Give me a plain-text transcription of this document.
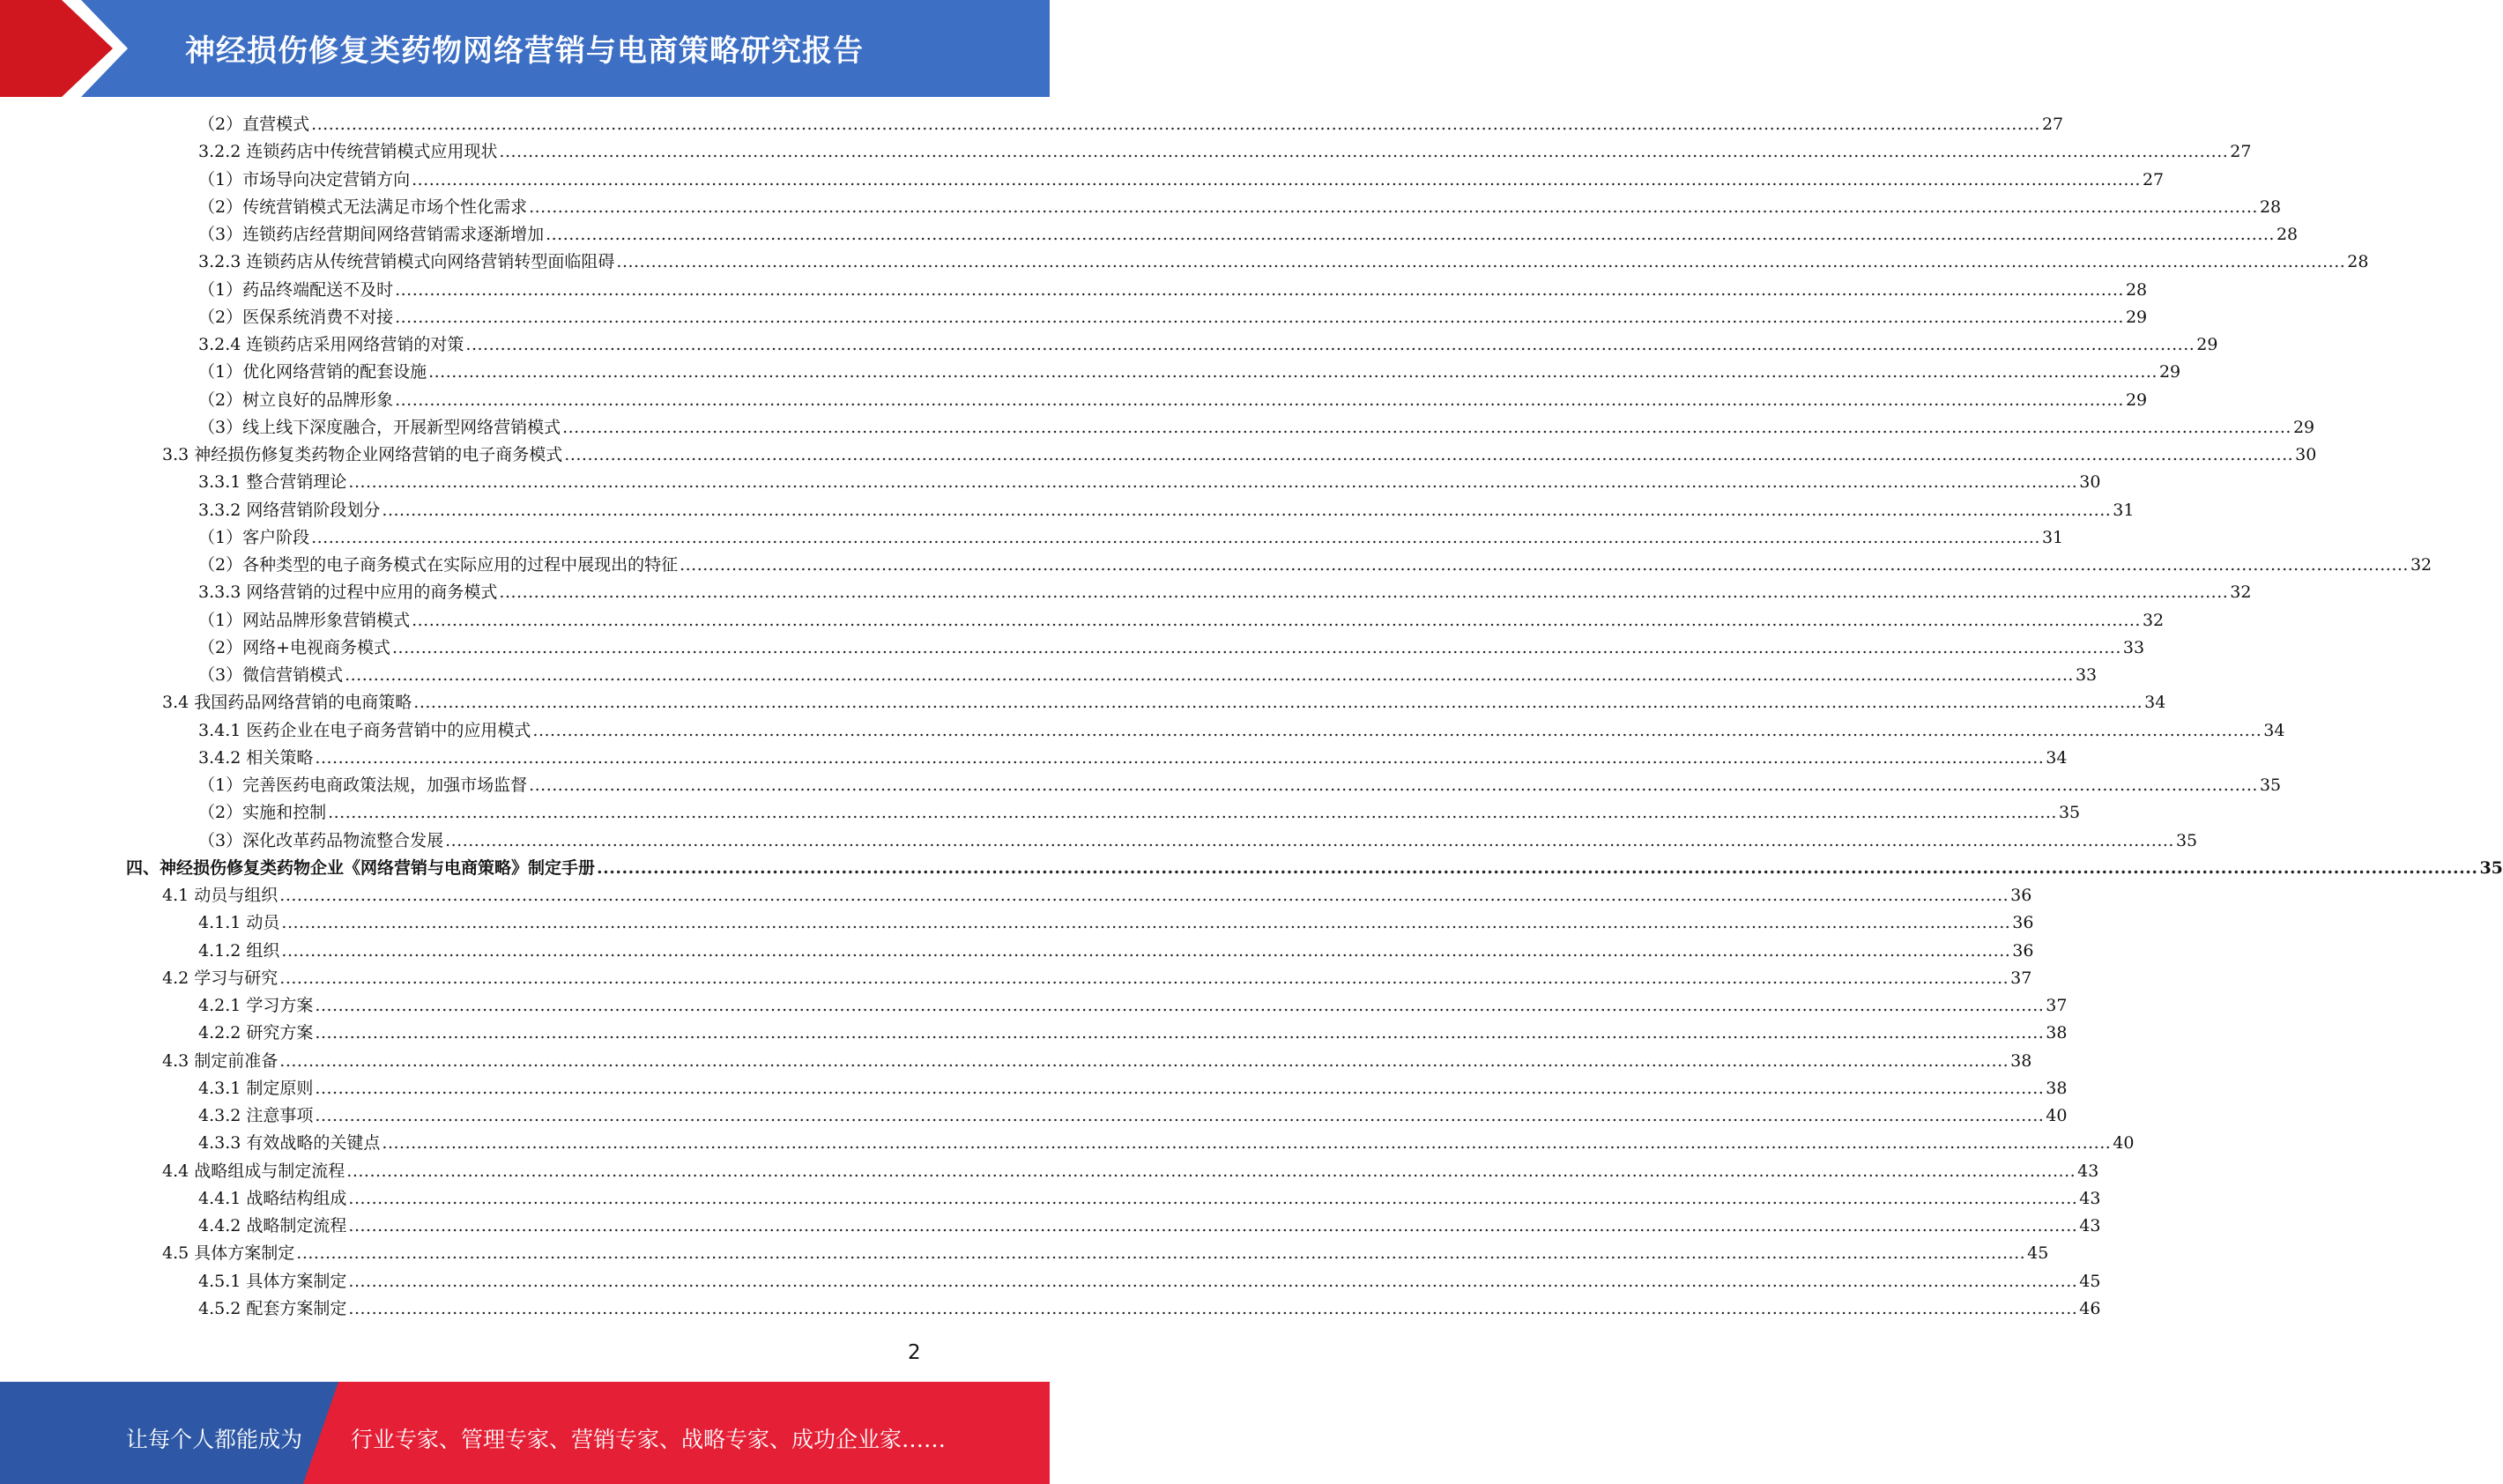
神经损伤修复类药物网络营销与电商策略研究报告
（2）直营模式 ............................................................................................................................................................................................................................................................................................................ 27
3.2.2
连锁药店中传统营销模式应用现状 ............................................................................................................................................................................................................................................................................................................ 27
（1）市场导向决定营销方向 ............................................................................................................................................................................................................................................................................................................ 27
（2）传统营销模式无法满足市场个性化需求 ............................................................................................................................................................................................................................................................................................................ 28
（3）连锁药店经营期间网络营销需求逐渐增加 ............................................................................................................................................................................................................................................................................................................ 28
3.2.3
连锁药店从传统营销模式向网络营销转型面临阻碍 ............................................................................................................................................................................................................................................................................................................ 28
（1）药品终端配送不及时 ............................................................................................................................................................................................................................................................................................................ 28
（2）医保系统消费不对接 ............................................................................................................................................................................................................................................................................................................ 29
3.2.4
连锁药店采用网络营销的对策 ............................................................................................................................................................................................................................................................................................................ 29
（1）优化网络营销的配套设施 ............................................................................................................................................................................................................................................................................................................ 29
（2）树立良好的品牌形象 ............................................................................................................................................................................................................................................................................................................ 29
（3）线上线下深度融合，开展新型网络营销模式 ............................................................................................................................................................................................................................................................................................................ 29
3.3
神经损伤修复类药物企业网络营销的电子商务模式 ............................................................................................................................................................................................................................................................................................................ 30
3.3.1
整合营销理论 ............................................................................................................................................................................................................................................................................................................ 30
3.3.2
网络营销阶段划分 ............................................................................................................................................................................................................................................................................................................ 31
（1）客户阶段 ............................................................................................................................................................................................................................................................................................................ 31
（2）各种类型的电子商务模式在实际应用的过程中展现出的特征 ............................................................................................................................................................................................................................................................................................................ 32
3.3.3
网络营销的过程中应用的商务模式 ............................................................................................................................................................................................................................................................................................................ 32
（1）网站品牌形象营销模式 ............................................................................................................................................................................................................................................................................................................ 32
（2）网络+电视商务模式 ............................................................................................................................................................................................................................................................................................................ 33
（3）微信营销模式 ............................................................................................................................................................................................................................................................................................................ 33
3.4
我国药品网络营销的电商策略 ............................................................................................................................................................................................................................................................................................................ 34
3.4.1
医药企业在电子商务营销中的应用模式 ............................................................................................................................................................................................................................................................................................................ 34
3.4.2
相关策略 ............................................................................................................................................................................................................................................................................................................ 34
（1）完善医药电商政策法规，加强市场监督 ............................................................................................................................................................................................................................................................................................................ 35
（2）实施和控制 ............................................................................................................................................................................................................................................................................................................ 35
（3）深化改革药品物流整合发展 ............................................................................................................................................................................................................................................................................................................ 35
四、神经损伤修复类药物企业《网络营销与电商策略》制定手册 ............................................................................................................................................................................................................................................................................................................ 35
4.1
动员与组织 ............................................................................................................................................................................................................................................................................................................ 36
4.1.1
动员 ............................................................................................................................................................................................................................................................................................................ 36
4.1.2
组织 ............................................................................................................................................................................................................................................................................................................ 36
4.2
学习与研究 ............................................................................................................................................................................................................................................................................................................ 37
4.2.1
学习方案 ............................................................................................................................................................................................................................................................................................................ 37
4.2.2
研究方案 ............................................................................................................................................................................................................................................................................................................ 38
4.3
制定前准备 ............................................................................................................................................................................................................................................................................................................ 38
4.3.1
制定原则 ............................................................................................................................................................................................................................................................................................................ 38
4.3.2
注意事项 ............................................................................................................................................................................................................................................................................................................ 40
4.3.3
有效战略的关键点 ............................................................................................................................................................................................................................................................................................................ 40
4.4
战略组成与制定流程 ............................................................................................................................................................................................................................................................................................................ 43
4.4.1
战略结构组成 ............................................................................................................................................................................................................................................................................................................ 43
4.4.2
战略制定流程 ............................................................................................................................................................................................................................................................................................................ 43
4.5
具体方案制定 ............................................................................................................................................................................................................................................................................................................ 45
4.5.1
具体方案制定 ............................................................................................................................................................................................................................................................................................................ 45
4.5.2
配套方案制定 ............................................................................................................................................................................................................................................................................................................ 46
2
让每个人都能成为 行业专家、管理专家、营销专家、战略专家、成功企业家……
